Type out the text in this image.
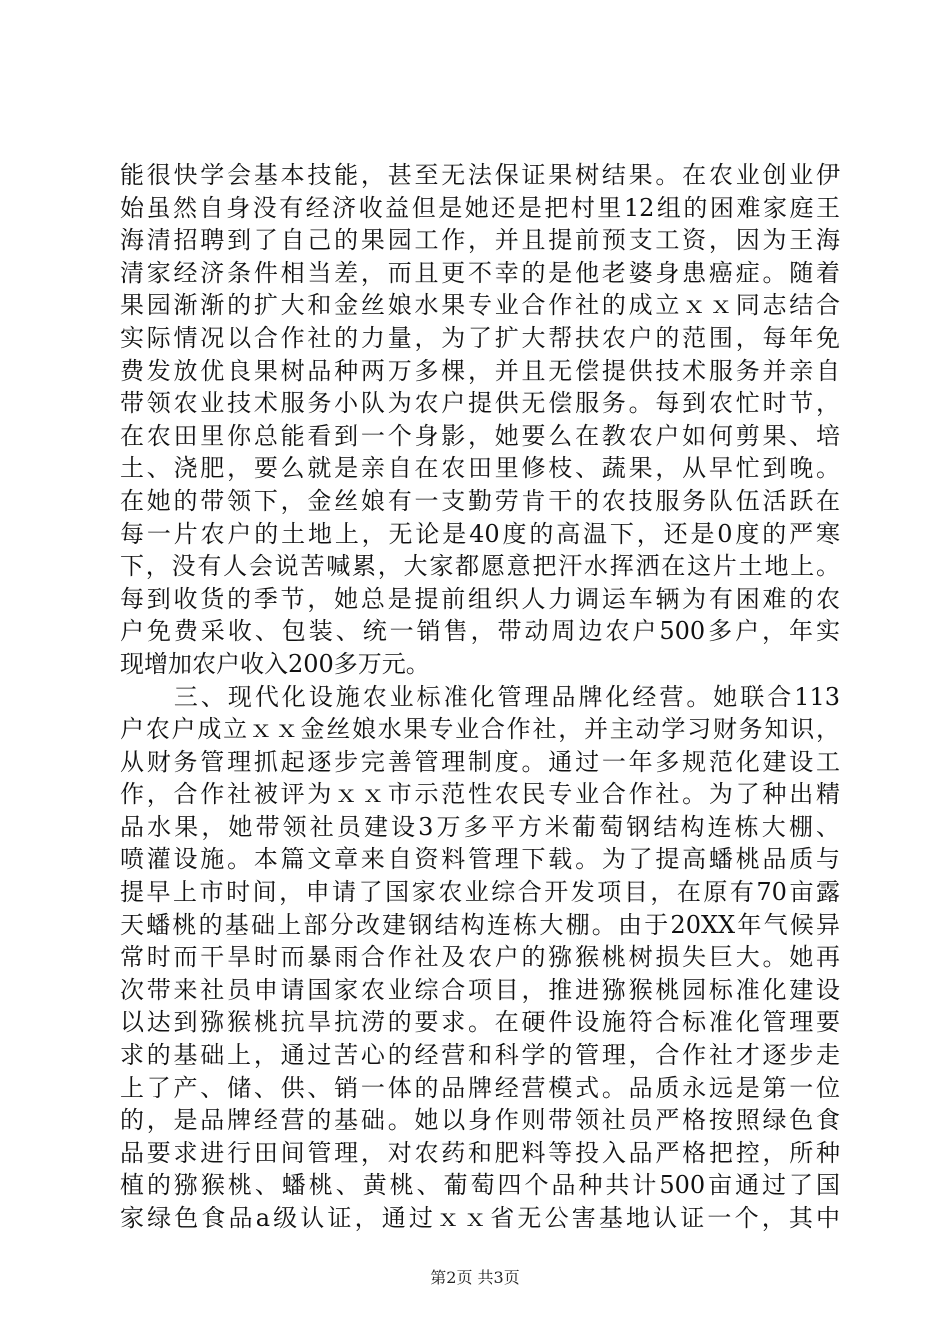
能很快学会基本技能，甚至无法保证果树结果。在农业创业伊
始虽然自身没有经济收益但是她还是把村里12组的困难家庭王
海清招聘到了自己的果园工作，并且提前预支工资，因为王海
清家经济条件相当差，而且更不幸的是他老婆身患癌症。随着
果园渐渐的扩大和金丝娘水果专业合作社的成立ｘｘ同志结合
实际情况以合作社的力量，为了扩大帮扶农户的范围，每年免
费发放优良果树品种两万多棵，并且无偿提供技术服务并亲自
带领农业技术服务小队为农户提供无偿服务。每到农忙时节，
在农田里你总能看到一个身影，她要么在教农户如何剪果、培
土、浇肥，要么就是亲自在农田里修枝、蔬果，从早忙到晚。
在她的带领下，金丝娘有一支勤劳肯干的农技服务队伍活跃在
每一片农户的土地上，无论是40度的高温下，还是0度的严寒
下，没有人会说苦喊累，大家都愿意把汗水挥洒在这片土地上。
每到收货的季节，她总是提前组织人力调运车辆为有困难的农
户免费采收、包装、统一销售，带动周边农户500多户，年实
现增加农户收入200多万元。
　　三、现代化设施农业标准化管理品牌化经营。她联合113
户农户成立ｘｘ金丝娘水果专业合作社，并主动学习财务知识，
从财务管理抓起逐步完善管理制度。通过一年多规范化建设工
作，合作社被评为ｘｘ市示范性农民专业合作社。为了种出精
品水果，她带领社员建设3万多平方米葡萄钢结构连栋大棚、
喷灌设施。本篇文章来自资料管理下载。为了提高蟠桃品质与
提早上市时间，申请了国家农业综合开发项目，在原有70亩露
天蟠桃的基础上部分改建钢结构连栋大棚。由于20XX年气候异
常时而干旱时而暴雨合作社及农户的猕猴桃树损失巨大。她再
次带来社员申请国家农业综合项目，推进猕猴桃园标准化建设
以达到猕猴桃抗旱抗涝的要求。在硬件设施符合标准化管理要
求的基础上，通过苦心的经营和科学的管理，合作社才逐步走
上了产、储、供、销一体的品牌经营模式。品质永远是第一位
的，是品牌经营的基础。她以身作则带领社员严格按照绿色食
品要求进行田间管理，对农药和肥料等投入品严格把控，所种
植的猕猴桃、蟠桃、黄桃、葡萄四个品种共计500亩通过了国
家绿色食品a级认证，通过ｘｘ省无公害基地认证一个，其中
第2页 共3页
